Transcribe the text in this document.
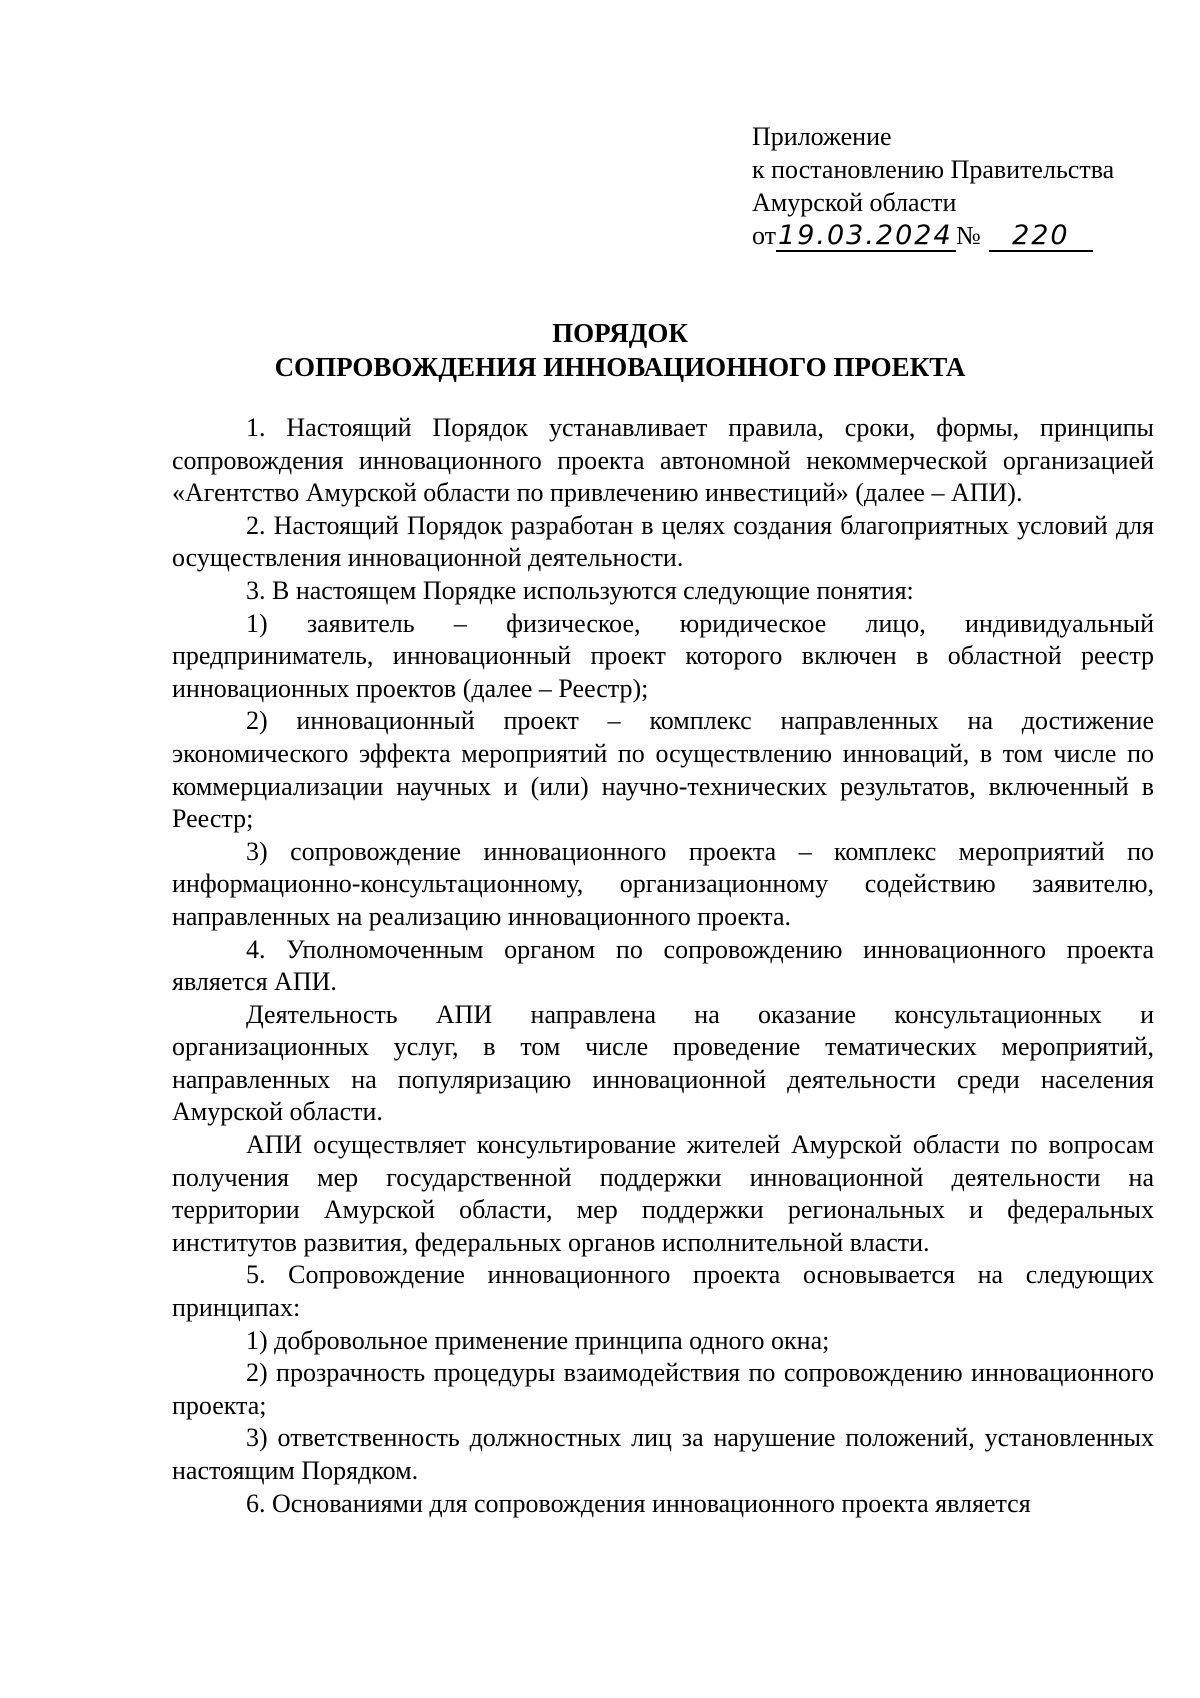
Приложение
к постановлению Правительства
Амурской области
от19.03.2024 № 220
ПОРЯДОК
СОПРОВОЖДЕНИЯ ИННОВАЦИОННОГО ПРОЕКТА

1. Настоящий Порядок устанавливает правила, сроки, формы, принципы сопровождения инновационного проекта автономной некоммерческой организацией «Агентство Амурской области по привлечению инвестиций» (далее – АПИ).

2. Настоящий Порядок разработан в целях создания благоприятных условий для осуществления инновационной деятельности.

3. В настоящем Порядке используются следующие понятия:

1) заявитель – физическое, юридическое лицо, индивидуальный предприниматель, инновационный проект которого включен в областной реестр инновационных проектов (далее – Реестр);

2) инновационный проект – комплекс направленных на достижение экономического эффекта мероприятий по осуществлению инноваций, в том числе по коммерциализации научных и (или) научно-технических результатов, включенный в Реестр;

3) сопровождение инновационного проекта – комплекс мероприятий по информационно-консультационному, организационному содействию заявителю, направленных на реализацию инновационного проекта.

4. Уполномоченным органом по сопровождению инновационного проекта является АПИ.

Деятельность АПИ направлена на оказание консультационных и организационных услуг, в том числе проведение тематических мероприятий, направленных на популяризацию инновационной деятельности среди населения Амурской области.

АПИ осуществляет консультирование жителей Амурской области по вопросам получения мер государственной поддержки инновационной деятельности на территории Амурской области, мер поддержки региональных и федеральных институтов развития, федеральных органов исполнительной власти.

5. Сопровождение инновационного проекта основывается на следующих принципах:

1) добровольное применение принципа одного окна;

2) прозрачность процедуры взаимодействия по сопровождению инновационного проекта;

3) ответственность должностных лиц за нарушение положений, установленных настоящим Порядком.

6. Основаниями для сопровождения инновационного проекта является
